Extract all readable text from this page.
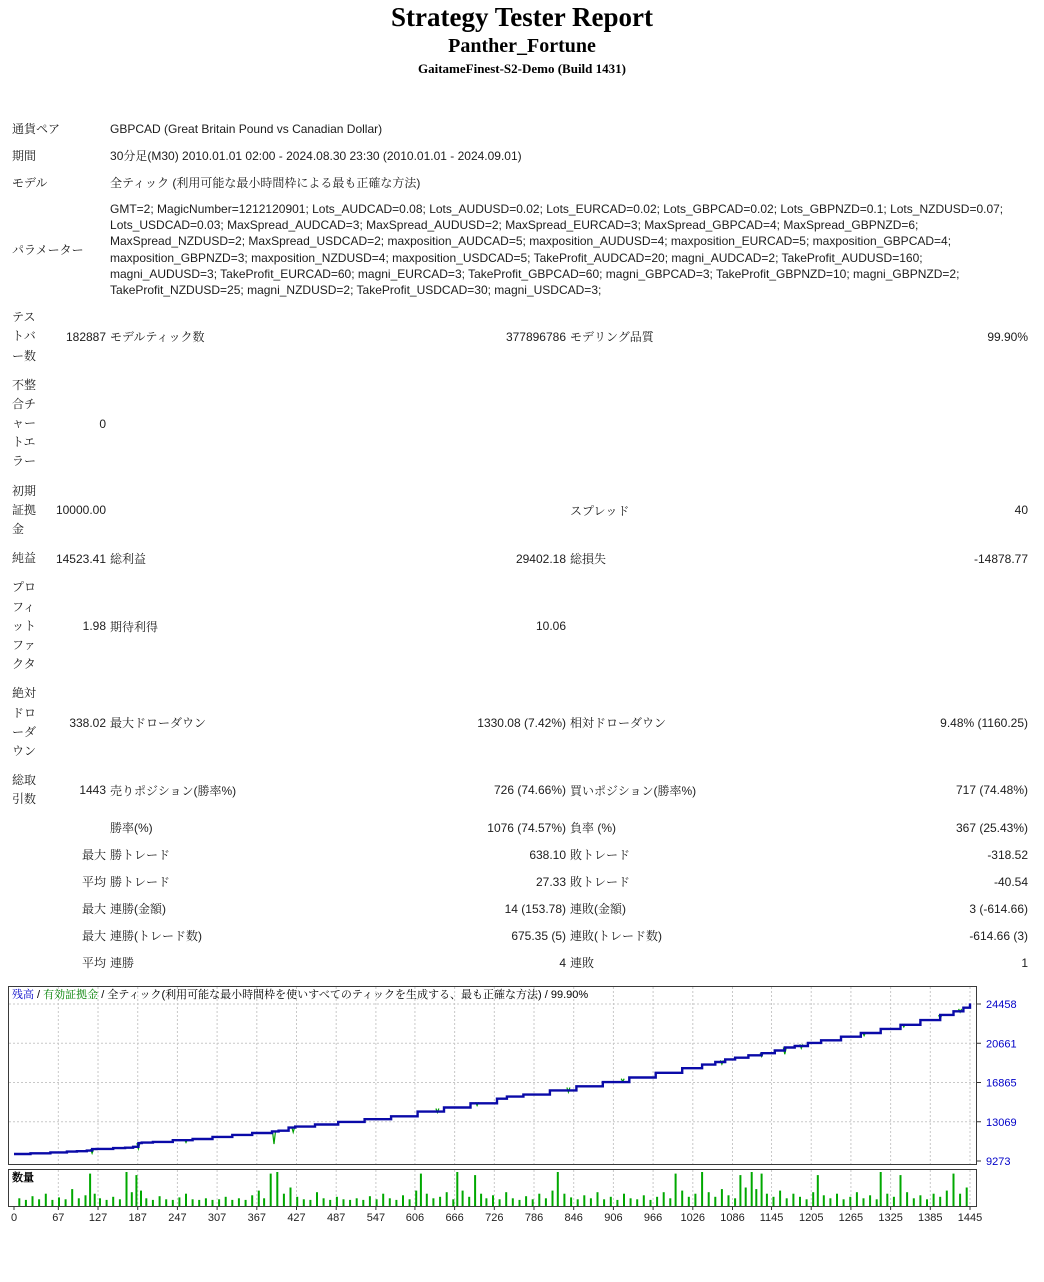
Strategy Tester Report
Panther_Fortune
GaitameFinest-S2-Demo (Build 1431)
通貨ペア		GBPCAD (Great Britain Pound vs Canadian Dollar)			
期間		30分足(M30) 2010.01.01 02:00 - 2024.08.30 23:30 (2010.01.01 - 2024.09.01)			
モデル		全ティック (利用可能な最小時間枠による最も正確な方法)			
パラメーター		GMT=2; MagicNumber=1212120901; Lots_AUDCAD=0.08; Lots_AUDUSD=0.02; Lots_EURCAD=0.02; Lots_GBPCAD=0.02; Lots_GBPNZD=0.1; Lots_NZDUSD=0.07; Lots_USDCAD=0.03; MaxSpread_AUDCAD=3; MaxSpread_AUDUSD=2; MaxSpread_EURCAD=3; MaxSpread_GBPCAD=4; MaxSpread_GBPNZD=6; MaxSpread_NZDUSD=2; MaxSpread_USDCAD=2; maxposition_AUDCAD=5; maxposition_AUDUSD=4; maxposition_EURCAD=5; maxposition_GBPCAD=4; maxposition_GBPNZD=3; maxposition_NZDUSD=4; maxposition_USDCAD=5; TakeProfit_AUDCAD=20; magni_AUDCAD=2; TakeProfit_AUDUSD=160; magni_AUDUSD=3; TakeProfit_EURCAD=60; magni_EURCAD=3; TakeProfit_GBPCAD=60; magni_GBPCAD=3; TakeProfit_GBPNZD=10; magni_GBPNZD=2; TakeProfit_NZDUSD=25; magni_NZDUSD=2; TakeProfit_USDCAD=30; magni_USDCAD=3;			
テストバー数	182887	モデルティック数	377896786	モデリング品質	99.90%
不整合チャートエラー	0				
初期証拠金	10000.00			スプレッド	40
純益	14523.41	総利益	29402.18	総損失	-14878.77
プロフィットファクタ	1.98	期待利得	10.06		
絶対ドローダウン	338.02	最大ドローダウン	1330.08 (7.42%)	相対ドローダウン	9.48% (1160.25)
総取引数	1443	売りポジション(勝率%)	726 (74.66%)	買いポジション(勝率%)	717 (74.48%)
		勝率(%)	1076 (74.57%)	負率 (%)	367 (25.43%)
	最大	勝トレード	638.10	敗トレード	-318.52
	平均	勝トレード	27.33	敗トレード	-40.54
	最大	連勝(金額)	14 (153.78)	連敗(金額)	3 (-614.66)
	最大	連勝(トレード数)	675.35 (5)	連敗(トレード数)	-614.66 (3)
	平均	連勝	4	連敗	1
0	67 127 187 247 307 367 427 487 547 606 666 726 786 846 906 966 1026 1086 1145 1205 1265 1325 1385 1445
24458
20661
16865
13069
9273
残高 / 有効証拠金 / 全ティック(利用可能な最小時間枠を使いすべてのティックを生成する、最も正確な方法) / 99.90%
数量
